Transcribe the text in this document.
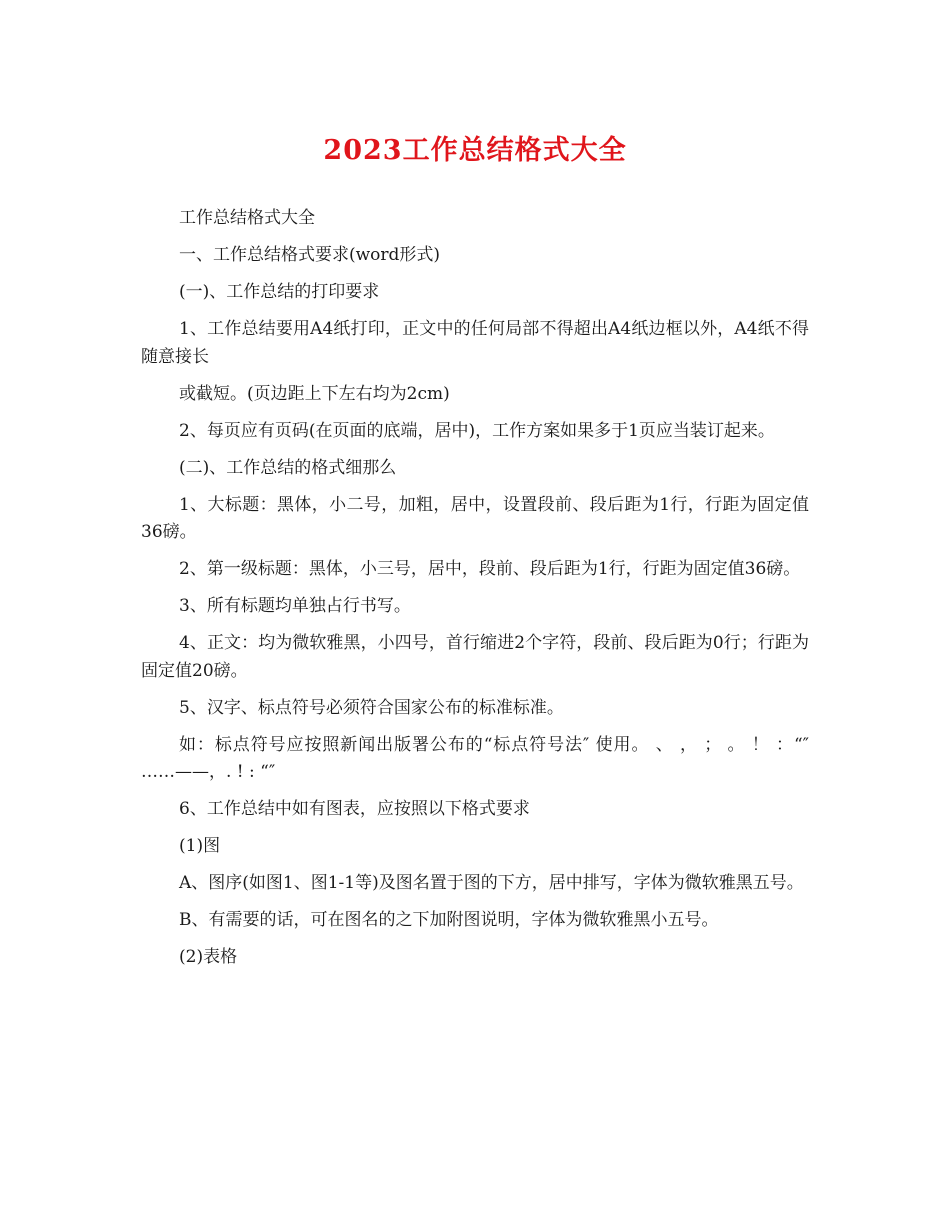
2023工作总结格式大全

工作总结格式大全

一、工作总结格式要求(word形式)

(一)、工作总结的打印要求

1、工作总结要用A4纸打印，正文中的任何局部不得超出A4纸边框以外，A4纸不得随意接长

或截短。(页边距上下左右均为2cm)

2、每页应有页码(在页面的底端，居中)，工作方案如果多于1页应当装订起来。

(二)、工作总结的格式细那么

1、大标题：黑体，小二号，加粗，居中，设置段前、段后距为1行，行距为固定值36磅。

2、第一级标题：黑体，小三号，居中，段前、段后距为1行，行距为固定值36磅。

3、所有标题均单独占行书写。

4、正文：均为微软雅黑，小四号，首行缩进2个字符，段前、段后距为0行；行距为固定值20磅。

5、汉字、标点符号必须符合国家公布的标准标准。

如：标点符号应按照新闻出版署公布的“标点符号法″ 使用。 、 ， ； 。 ！ ：“″ ……——，. ! : “″

6、工作总结中如有图表，应按照以下格式要求

(1)图

A、图序(如图1、图1-1等)及图名置于图的下方，居中排写，字体为微软雅黑五号。

B、有需要的话，可在图名的之下加附图说明，字体为微软雅黑小五号。

(2)表格
